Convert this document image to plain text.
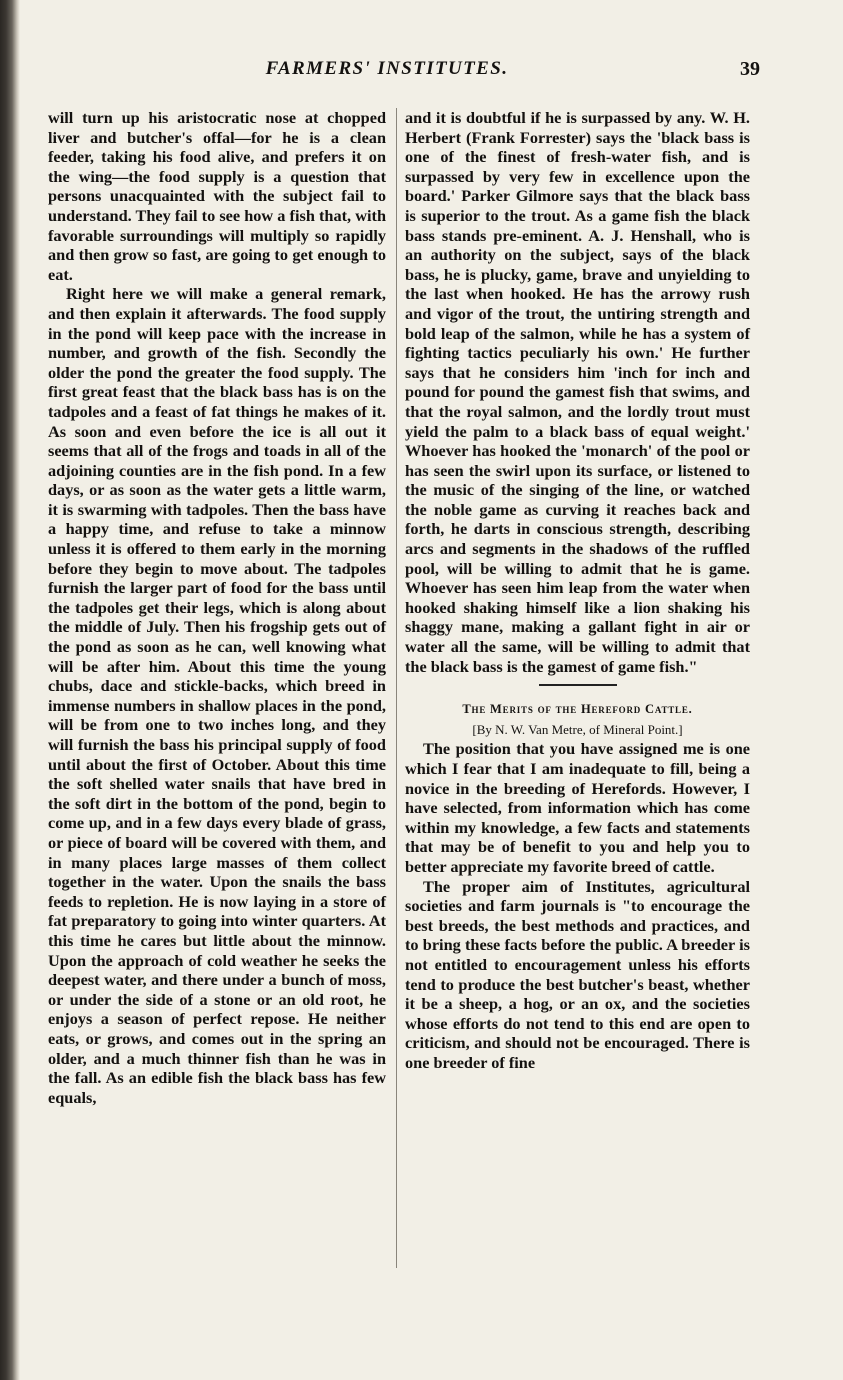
FARMERS' INSTITUTES.	39

will turn up his aristocratic nose at chopped liver and butcher's offal—for he is a clean feeder, taking his food alive, and prefers it on the wing—the food supply is a question that persons unacquainted with the subject fail to understand. They fail to see how a fish that, with favorable surroundings will multiply so rapidly and then grow so fast, are going to get enough to eat.

Right here we will make a general remark, and then explain it afterwards. The food supply in the pond will keep pace with the increase in number, and growth of the fish. Secondly the older the pond the greater the food supply. The first great feast that the black bass has is on the tadpoles and a feast of fat things he makes of it. As soon and even before the ice is all out it seems that all of the frogs and toads in all of the adjoining counties are in the fish pond. In a few days, or as soon as the water gets a little warm, it is swarming with tadpoles. Then the bass have a happy time, and refuse to take a minnow unless it is offered to them early in the morning before they begin to move about. The tadpoles furnish the larger part of food for the bass until the tadpoles get their legs, which is along about the middle of July. Then his frogship gets out of the pond as soon as he can, well knowing what will be after him. About this time the young chubs, dace and stickle-backs, which breed in immense numbers in shallow places in the pond, will be from one to two inches long, and they will furnish the bass his principal supply of food until about the first of October. About this time the soft shelled water snails that have bred in the soft dirt in the bottom of the pond, begin to come up, and in a few days every blade of grass, or piece of board will be covered with them, and in many places large masses of them collect together in the water. Upon the snails the bass feeds to repletion. He is now laying in a store of fat preparatory to going into winter quarters. At this time he cares but little about the minnow. Upon the approach of cold weather he seeks the deepest water, and there under a bunch of moss, or under the side of a stone or an old root, he enjoys a season of perfect repose. He neither eats, or grows, and comes out in the spring an older, and a much thinner fish than he was in the fall. As an edible fish the black bass has few equals,

and it is doubtful if he is surpassed by any. W. H. Herbert (Frank Forrester) says the 'black bass is one of the finest of fresh-water fish, and is surpassed by very few in excellence upon the board.' Parker Gilmore says that the black bass is superior to the trout. As a game fish the black bass stands pre-eminent. A. J. Henshall, who is an authority on the subject, says of the black bass, he is plucky, game, brave and unyielding to the last when hooked. He has the arrowy rush and vigor of the trout, the untiring strength and bold leap of the salmon, while he has a system of fighting tactics peculiarly his own.' He further says that he considers him 'inch for inch and pound for pound the gamest fish that swims, and that the royal salmon, and the lordly trout must yield the palm to a black bass of equal weight.' Whoever has hooked the 'monarch' of the pool or has seen the swirl upon its surface, or listened to the music of the singing of the line, or watched the noble game as curving it reaches back and forth, he darts in conscious strength, describing arcs and segments in the shadows of the ruffled pool, will be willing to admit that he is game. Whoever has seen him leap from the water when hooked shaking himself like a lion shaking his shaggy mane, making a gallant fight in air or water all the same, will be willing to admit that the black bass is the gamest of game fish."

The Merits of the Hereford Cattle.

[By N. W. Van Metre, of Mineral Point.]

The position that you have assigned me is one which I fear that I am inadequate to fill, being a novice in the breeding of Herefords. However, I have selected, from information which has come within my knowledge, a few facts and statements that may be of benefit to you and help you to better appreciate my favorite breed of cattle.

The proper aim of Institutes, agricultural societies and farm journals is "to encourage the best breeds, the best methods and practices, and to bring these facts before the public. A breeder is not entitled to encouragement unless his efforts tend to produce the best butcher's beast, whether it be a sheep, a hog, or an ox, and the societies whose efforts do not tend to this end are open to criticism, and should not be encouraged. There is one breeder of fine
